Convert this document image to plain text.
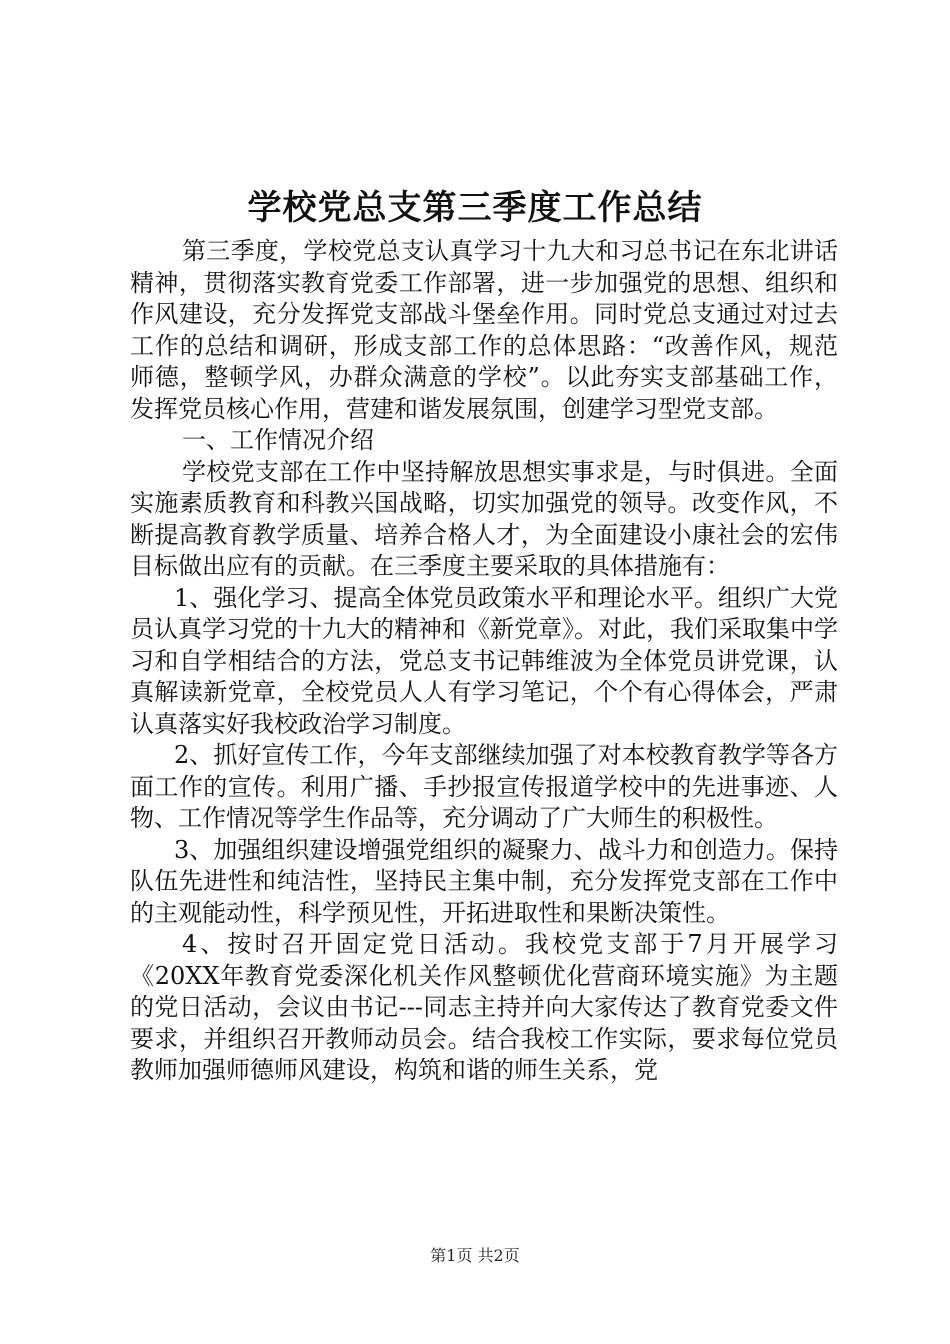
学校党总支第三季度工作总结

第三季度，学校党总支认真学习十九大和习总书记在东北讲话精神，贯彻落实教育党委工作部署，进一步加强党的思想、组织和作风建设，充分发挥党支部战斗堡垒作用。同时党总支通过对过去工作的总结和调研，形成支部工作的总体思路：“改善作风，规范师德，整顿学风，办群众满意的学校”。以此夯实支部基础工作，发挥党员核心作用，营建和谐发展氛围，创建学习型党支部。

一、工作情况介绍

学校党支部在工作中坚持解放思想实事求是，与时俱进。全面实施素质教育和科教兴国战略，切实加强党的领导。改变作风，不断提高教育教学质量、培养合格人才，为全面建设小康社会的宏伟目标做出应有的贡献。在三季度主要采取的具体措施有：

1、强化学习、提高全体党员政策水平和理论水平。组织广大党员认真学习党的十九大的精神和《新党章》。对此，我们采取集中学习和自学相结合的方法，党总支书记韩维波为全体党员讲党课，认真解读新党章，全校党员人人有学习笔记，个个有心得体会，严肃认真落实好我校政治学习制度。

2、抓好宣传工作，今年支部继续加强了对本校教育教学等各方面工作的宣传。利用广播、手抄报宣传报道学校中的先进事迹、人物、工作情况等学生作品等，充分调动了广大师生的积极性。

3、加强组织建设增强党组织的凝聚力、战斗力和创造力。保持队伍先进性和纯洁性，坚持民主集中制，充分发挥党支部在工作中的主观能动性，科学预见性，开拓进取性和果断决策性。

4、按时召开固定党日活动。我校党支部于7月开展学习《20XX年教育党委深化机关作风整顿优化营商环境实施》为主题的党日活动，会议由书记---同志主持并向大家传达了教育党委文件要求，并组织召开教师动员会。结合我校工作实际，要求每位党员教师加强师德师风建设，构筑和谐的师生关系，党

第1页 共2页
